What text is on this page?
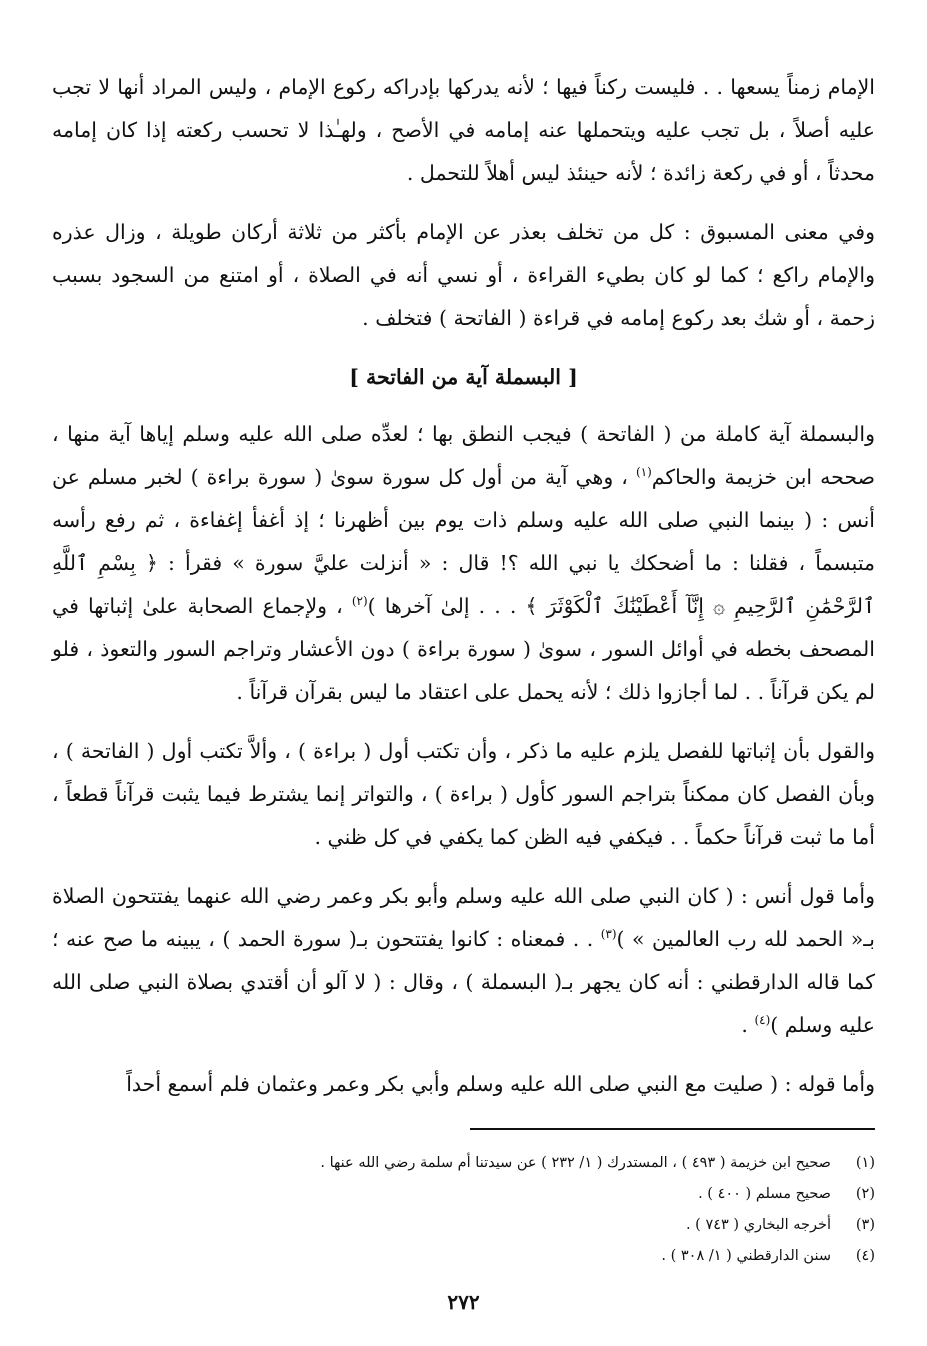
الإمام زمناً يسعها . . فليست ركناً فيها ؛ لأنه يدركها بإدراكه ركوع الإمام ، وليس المراد أنها لا تجب عليه أصلاً ، بل تجب عليه ويتحملها عنه إمامه في الأصح ، ولهـٰذا لا تحسب ركعته إذا كان إمامه محدثاً ، أو في ركعة زائدة ؛ لأنه حينئذ ليس أهلاً للتحمل .

وفي معنى المسبوق : كل من تخلف بعذر عن الإمام بأكثر من ثلاثة أركان طويلة ، وزال عذره والإمام راكع ؛ كما لو كان بطيء القراءة ، أو نسي أنه في الصلاة ، أو امتنع من السجود بسبب زحمة ، أو شك بعد ركوع إمامه في قراءة ( الفاتحة ) فتخلف .

[ البسملة آية من الفاتحة ]

والبسملة آية كاملة من ( الفاتحة ) فيجب النطق بها ؛ لعدِّه صلى الله عليه وسلم إياها آية منها ، صححه ابن خزيمة والحاكم$^{(١)}$ ، وهي آية من أول كل سورة سوىٰ ( سورة براءة ) لخبر مسلم عن أنس : ( بينما النبي صلى الله عليه وسلم ذات يوم بين أظهرنا ؛ إذ أغفأ إغفاءة ، ثم رفع رأسه متبسماً ، فقلنا : ما أضحكك يا نبي الله ؟! قال : « أنزلت عليَّ سورة » فقرأ : ﴿ بِسْمِ ٱللَّهِ ٱلرَّحْمَٰنِ ٱلرَّحِيمِ ۞ إِنَّآ أَعْطَيْنَٰكَ ٱلْكَوْثَرَ ﴾ . . . إلىٰ آخرها )$^{(٢)}$ ، ولإجماع الصحابة علىٰ إثباتها في المصحف بخطه في أوائل السور ، سوىٰ ( سورة براءة ) دون الأعشار وتراجم السور والتعوذ ، فلو لم يكن قرآناً . . لما أجازوا ذلك ؛ لأنه يحمل على اعتقاد ما ليس بقرآن قرآناً .

والقول بأن إثباتها للفصل يلزم عليه ما ذكر ، وأن تكتب أول ( براءة ) ، وألاَّ تكتب أول ( الفاتحة ) ، وبأن الفصل كان ممكناً بتراجم السور كأول ( براءة ) ، والتواتر إنما يشترط فيما يثبت قرآناً قطعاً ، أما ما ثبت قرآناً حكماً . . فيكفي فيه الظن كما يكفي في كل ظني .

وأما قول أنس : ( كان النبي صلى الله عليه وسلم وأبو بكر وعمر رضي الله عنهما يفتتحون الصلاة بـ« الحمد لله رب العالمين » )$^{(٣)}$ . . فمعناه : كانوا يفتتحون بـ( سورة الحمد ) ، يبينه ما صح عنه ؛ كما قاله الدارقطني : أنه كان يجهر بـ( البسملة ) ، وقال : ( لا آلو أن أقتدي بصلاة النبي صلى الله عليه وسلم )$^{(٤)}$ .

وأما قوله : ( صليت مع النبي صلى الله عليه وسلم وأبي بكر وعمر وعثمان فلم أسمع أحداً

(١)
صحيح ابن خزيمة ( ٤٩٣ ) ، المستدرك ( ١/ ٢٣٢ ) عن سيدتنا أم سلمة رضي الله عنها .
(٢)
صحيح مسلم ( ٤٠٠ ) .
(٣)
أخرجه البخاري ( ٧٤٣ ) .
(٤)
سنن الدارقطني ( ١/ ٣٠٨ ) .
٢٧٢
